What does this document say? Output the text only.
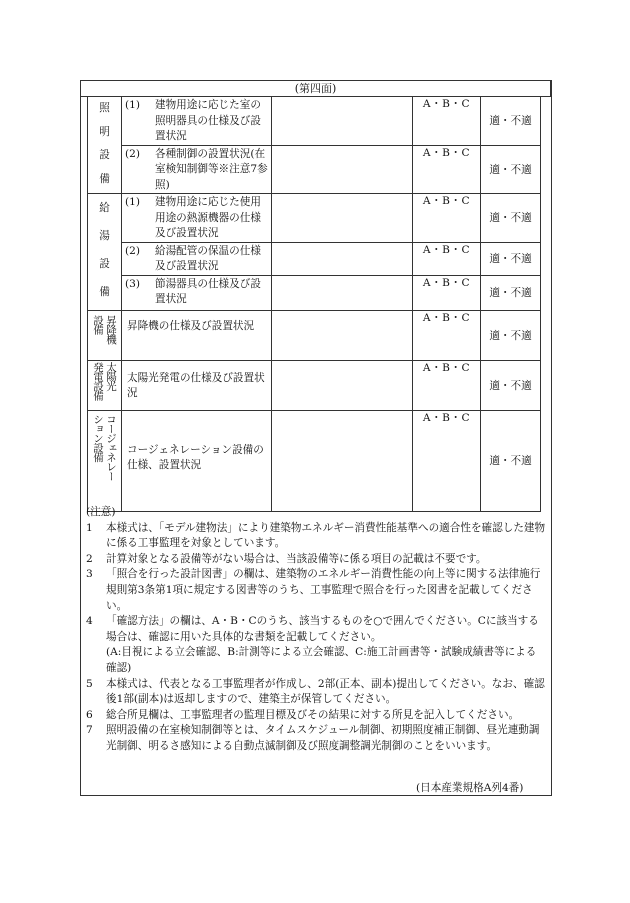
(第四面)
照
明
設
備	(1) 建物用途に応じた室の照明器具の仕様及び設置状況		A・B・C	適・不適

	(2) 各種制御の設置状況(在室検知制御等※注意7参照)		A・B・C	適・不適

給
湯
設
備	(1) 建物用途に応じた使用用途の熱源機器の仕様及び設置状況		A・B・C	適・不適

	(2) 給湯配管の保温の仕様及び設置状況		A・B・C	適・不適

	(3) 節湯器具の仕様及び設置状況		A・B・C	適・不適

設備 昇降機	昇降機の仕様及び設置状況		A・B・C	適・不適

発電設備 太陽光	太陽光発電の仕様及び設置状況		A・B・C	適・不適

ション設備 コージェネレー	コージェネレーション設備の仕様、設置状況		A・B・C	適・不適
(注意)
1	本様式は、「モデル建物法」により建築物エネルギー消費性能基準への適合性を確認した建物に係る工事監理を対象としています。
2	計算対象となる設備等がない場合は、当該設備等に係る項目の記載は不要です。
3	「照合を行った設計図書」の欄は、建築物のエネルギー消費性能の向上等に関する法律施行規則第3条第1項に規定する図書等のうち、工事監理で照合を行った図書を記載してください。
4	「確認方法」の欄は、A・B・Cのうち、該当するものを○で囲んでください。Cに該当する場合は、確認に用いた具体的な書類を記載してください。
(A:目視による立会確認、B:計測等による立会確認、C:施工計画書等・試験成績書等による確認)
5	本様式は、代表となる工事監理者が作成し、2部(正本、副本)提出してください。なお、確認後1部(副本)は返却しますので、建築主が保管してください。
6	総合所見欄は、工事監理者の監理目標及びその結果に対する所見を記入してください。
7	照明設備の在室検知制御等とは、タイムスケジュール制御、初期照度補正制御、昼光連動調光制御、明るさ感知による自動点滅制御及び照度調整調光制御のことをいいます。
(日本産業規格A列4番)
